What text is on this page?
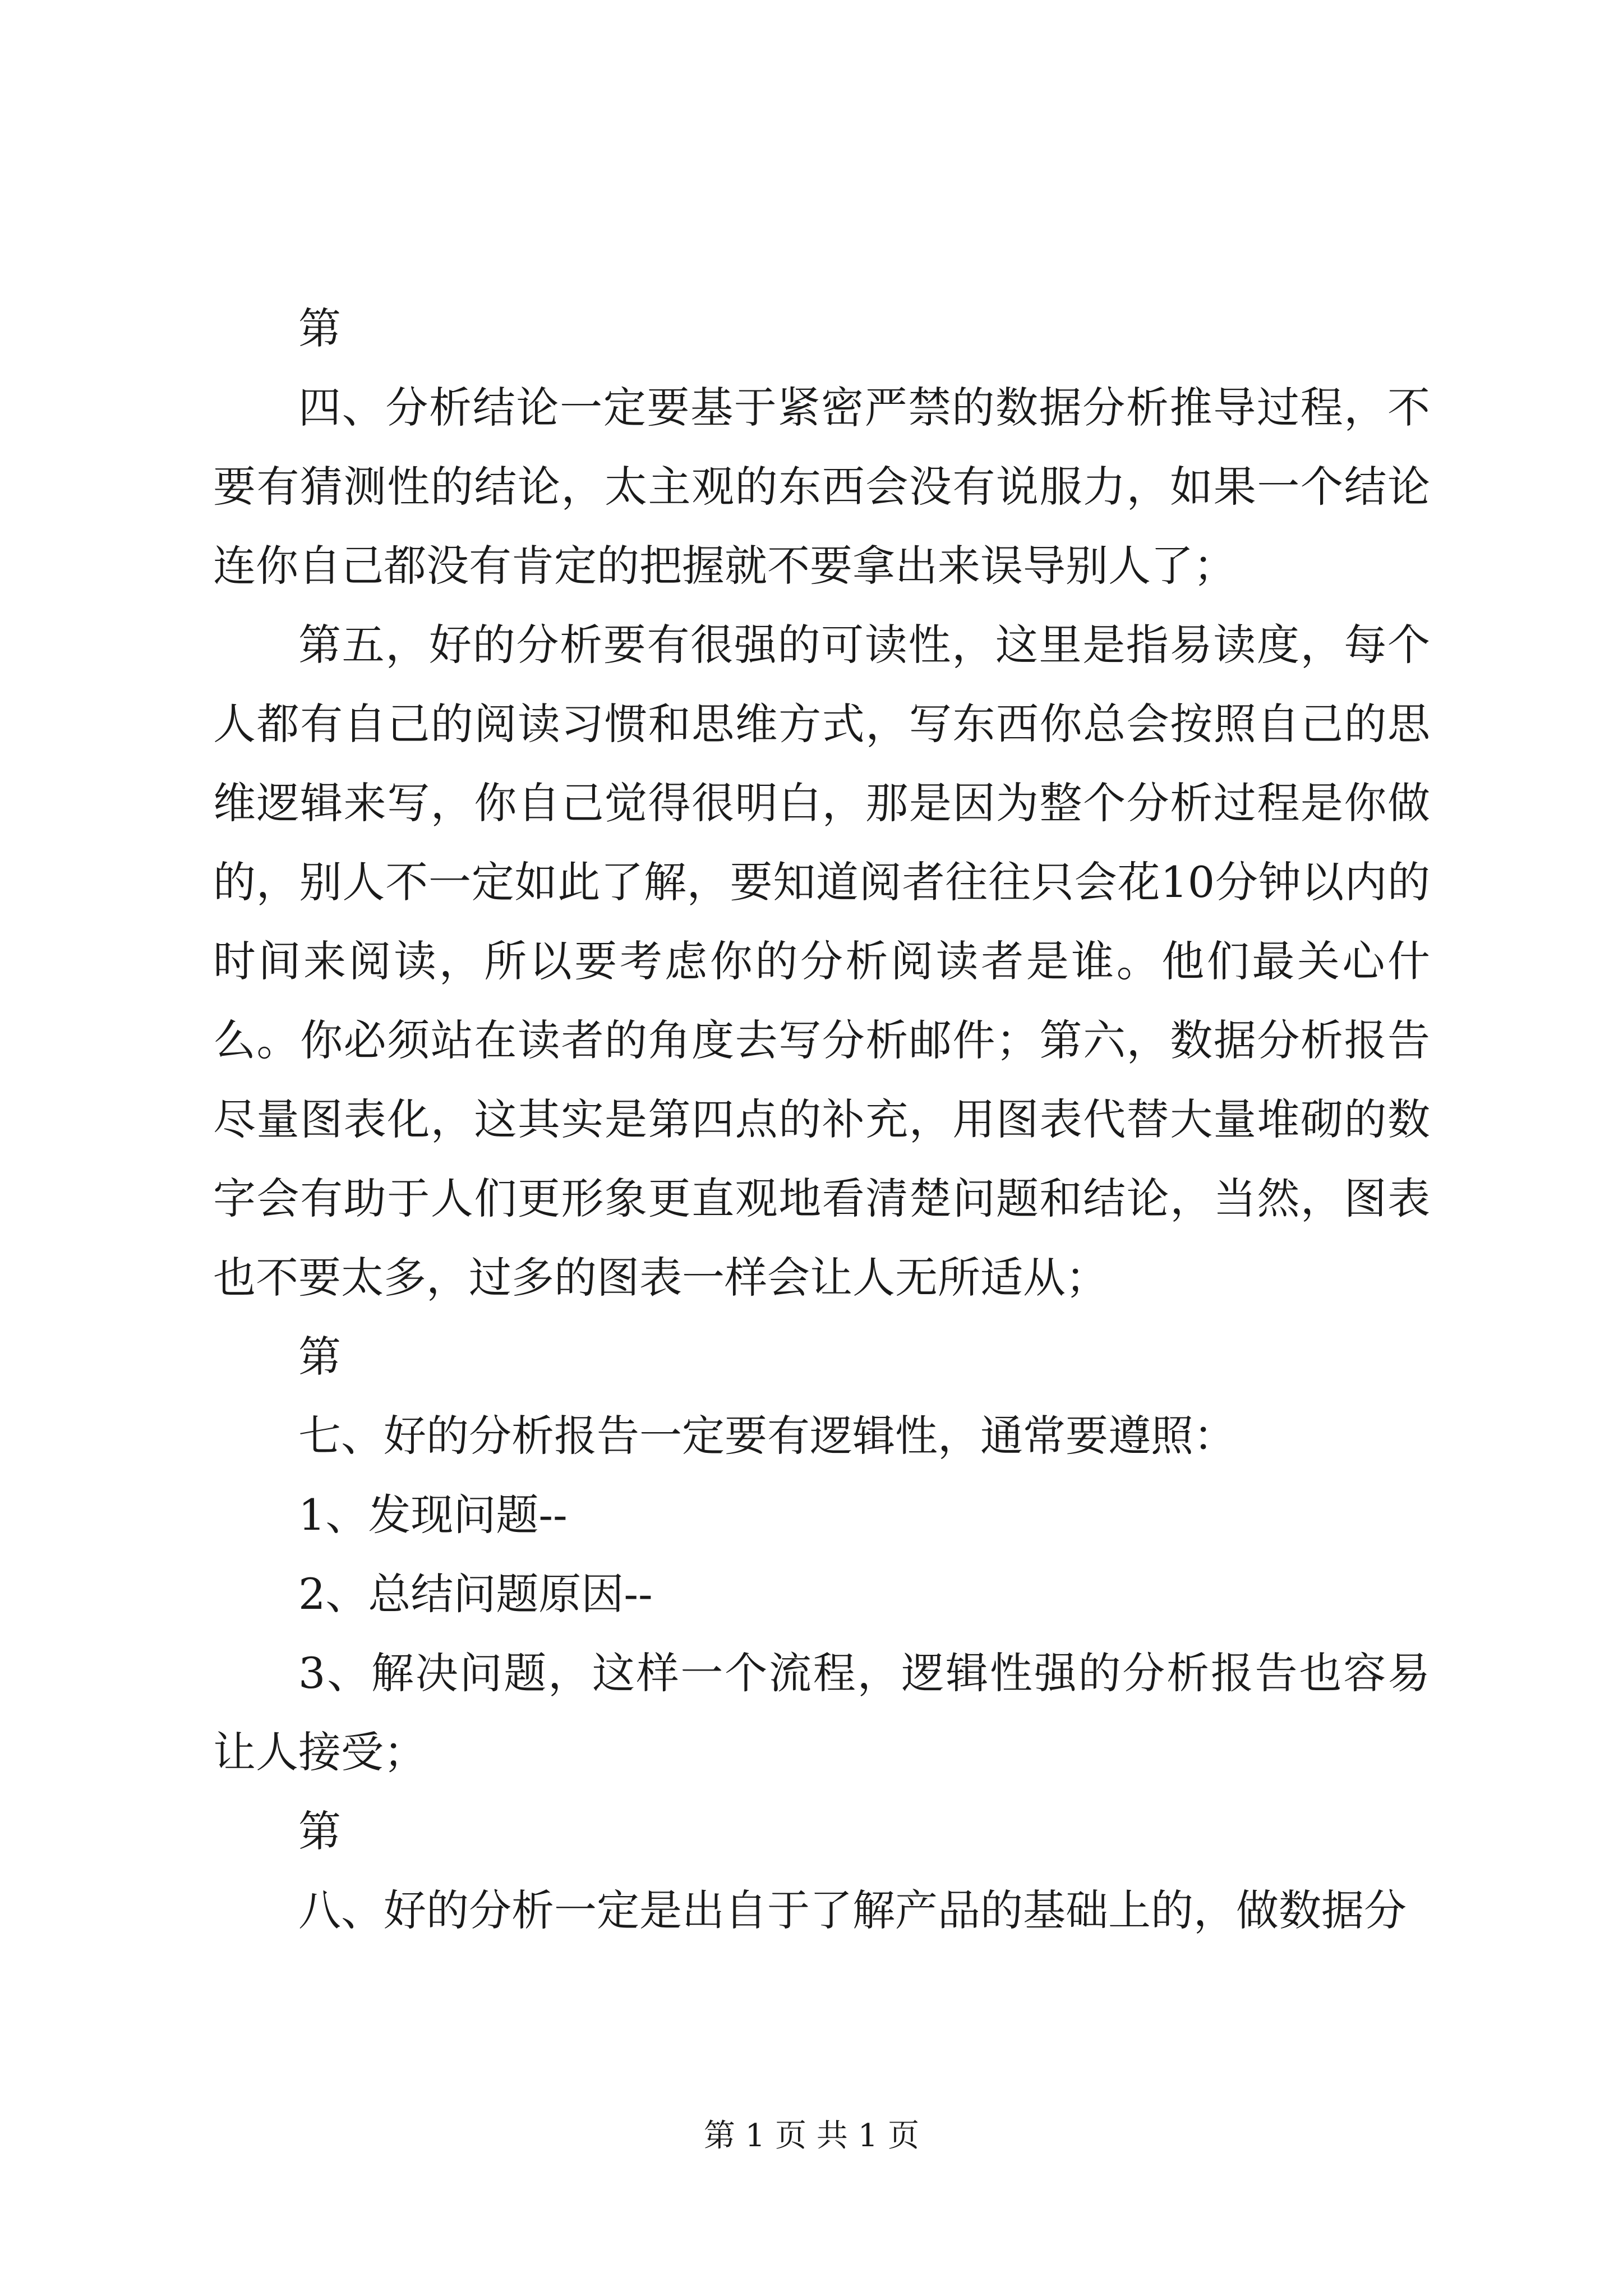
第

四、分析结论一定要基于紧密严禁的数据分析推导过程，不要有猜测性的结论，太主观的东西会没有说服力，如果一个结论连你自己都没有肯定的把握就不要拿出来误导别人了；

第五，好的分析要有很强的可读性，这里是指易读度，每个人都有自己的阅读习惯和思维方式，写东西你总会按照自己的思维逻辑来写，你自己觉得很明白，那是因为整个分析过程是你做的，别人不一定如此了解，要知道阅者往往只会花10分钟以内的时间来阅读，所以要考虑你的分析阅读者是谁。他们最关心什么。你必须站在读者的角度去写分析邮件；第六，数据分析报告尽量图表化，这其实是第四点的补充，用图表代替大量堆砌的数字会有助于人们更形象更直观地看清楚问题和结论，当然，图表也不要太多，过多的图表一样会让人无所适从；

第

七、好的分析报告一定要有逻辑性，通常要遵照：

1、发现问题--

2、总结问题原因--

3、解决问题，这样一个流程，逻辑性强的分析报告也容易让人接受；

第

八、好的分析一定是出自于了解产品的基础上的，做数据分

第 1 页 共 1 页
